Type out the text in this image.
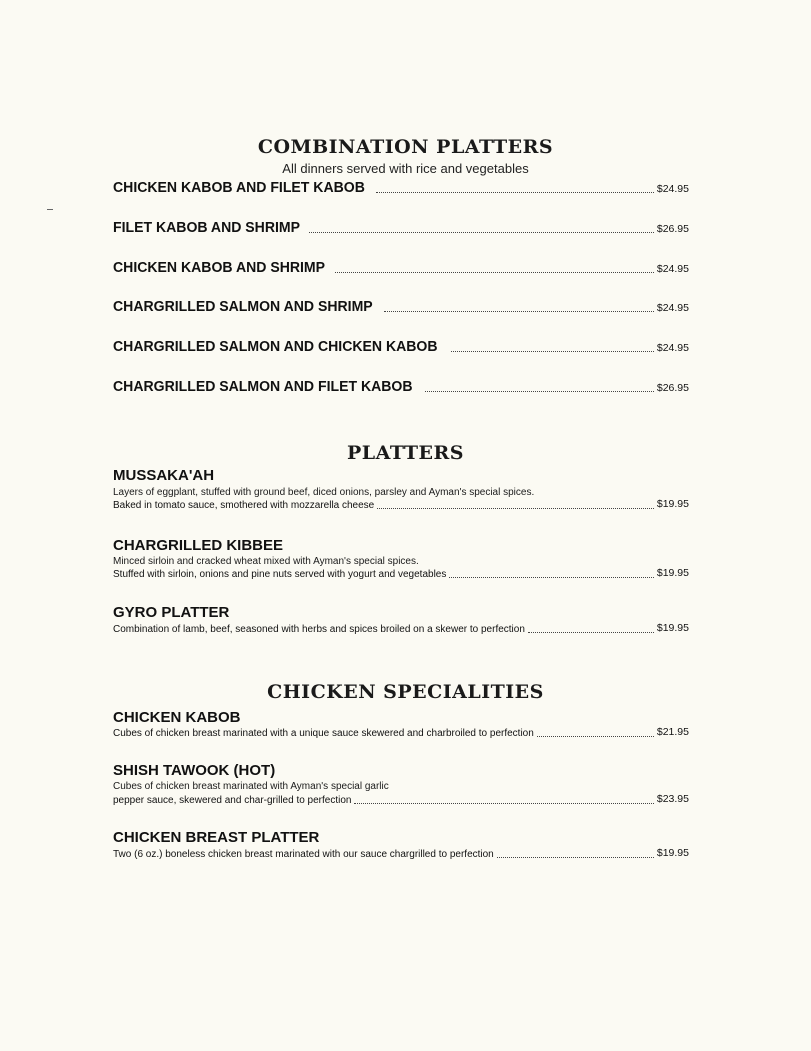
COMBINATION PLATTERS
All dinners served with rice and vegetables
CHICKEN KABOB AND FILET KABOB	$24.95
FILET KABOB AND SHRIMP	$26.95
CHICKEN KABOB AND SHRIMP	$24.95
CHARGRILLED SALMON AND SHRIMP	$24.95
CHARGRILLED SALMON AND CHICKEN KABOB	$24.95
CHARGRILLED SALMON AND FILET KABOB	$26.95
PLATTERS
MUSSAKA'AH
Layers of eggplant, stuffed with ground beef, diced onions, parsley and Ayman's special spices.
Baked in tomato sauce, smothered with mozzarella cheese	$19.95
CHARGRILLED KIBBEE
Minced sirloin and cracked wheat mixed with Ayman's special spices.
Stuffed with sirloin, onions and pine nuts served with yogurt and vegetables	$19.95
GYRO PLATTER
Combination of lamb, beef, seasoned with herbs and spices broiled on a skewer to perfection	$19.95
CHICKEN SPECIALITIES
CHICKEN KABOB
Cubes of chicken breast marinated with a unique sauce skewered and charbroiled to perfection	$21.95
SHISH TAWOOK (HOT)
Cubes of chicken breast marinated with Ayman's special garlic
pepper sauce, skewered and char-grilled to perfection	$23.95
CHICKEN BREAST PLATTER
Two (6 oz.) boneless chicken breast marinated with our sauce chargrilled to perfection	$19.95
